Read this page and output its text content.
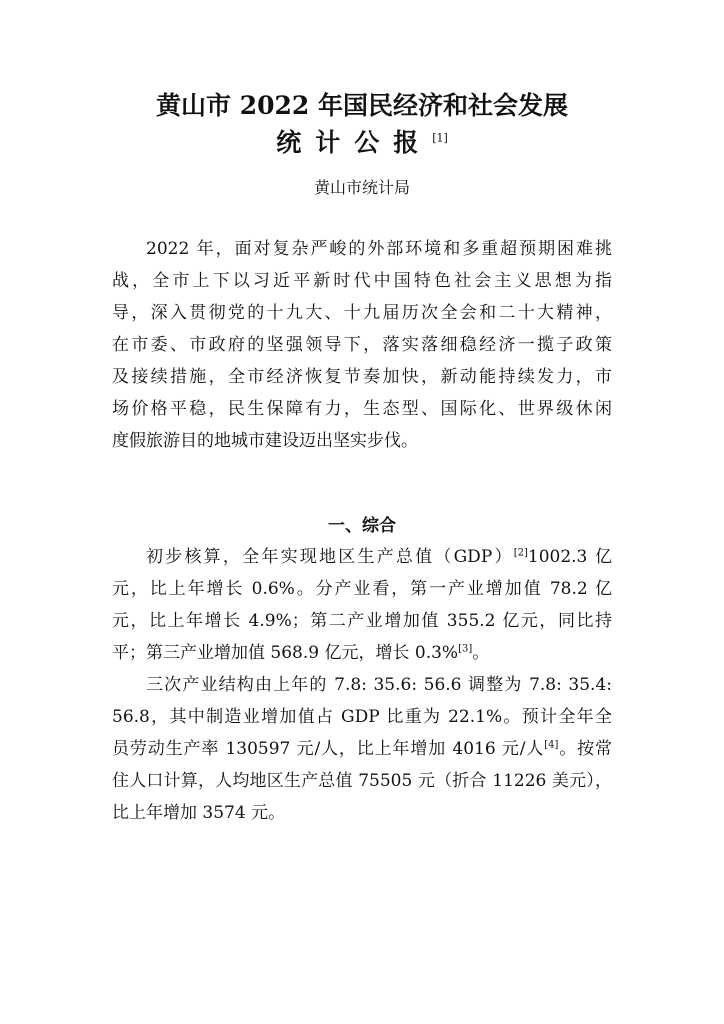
黄山市 2022 年国民经济和社会发展
统计公报[1]
黄山市统计局
2022 年，面对复杂严峻的外部环境和多重超预期困难挑
战，全市上下以习近平新时代中国特色社会主义思想为指
导，深入贯彻党的十九大、十九届历次全会和二十大精神，
在市委、市政府的坚强领导下，落实落细稳经济一揽子政策
及接续措施，全市经济恢复节奏加快，新动能持续发力，市
场价格平稳，民生保障有力，生态型、国际化、世界级休闲
度假旅游目的地城市建设迈出坚实步伐。
一、综合
初步核算，全年实现地区生产总值（GDP）[2]1002.3 亿
元，比上年增长 0.6%。分产业看，第一产业增加值 78.2 亿
元，比上年增长 4.9%；第二产业增加值 355.2 亿元，同比持
平；第三产业增加值 568.9 亿元，增长 0.3%[3]。
三次产业结构由上年的 7.8: 35.6: 56.6 调整为 7.8: 35.4:
56.8，其中制造业增加值占 GDP 比重为 22.1%。预计全年全
员劳动生产率 130597 元/人，比上年增加 4016 元/人[4]。按常
住人口计算，人均地区生产总值 75505 元（折合 11226 美元），
比上年增加 3574 元。
